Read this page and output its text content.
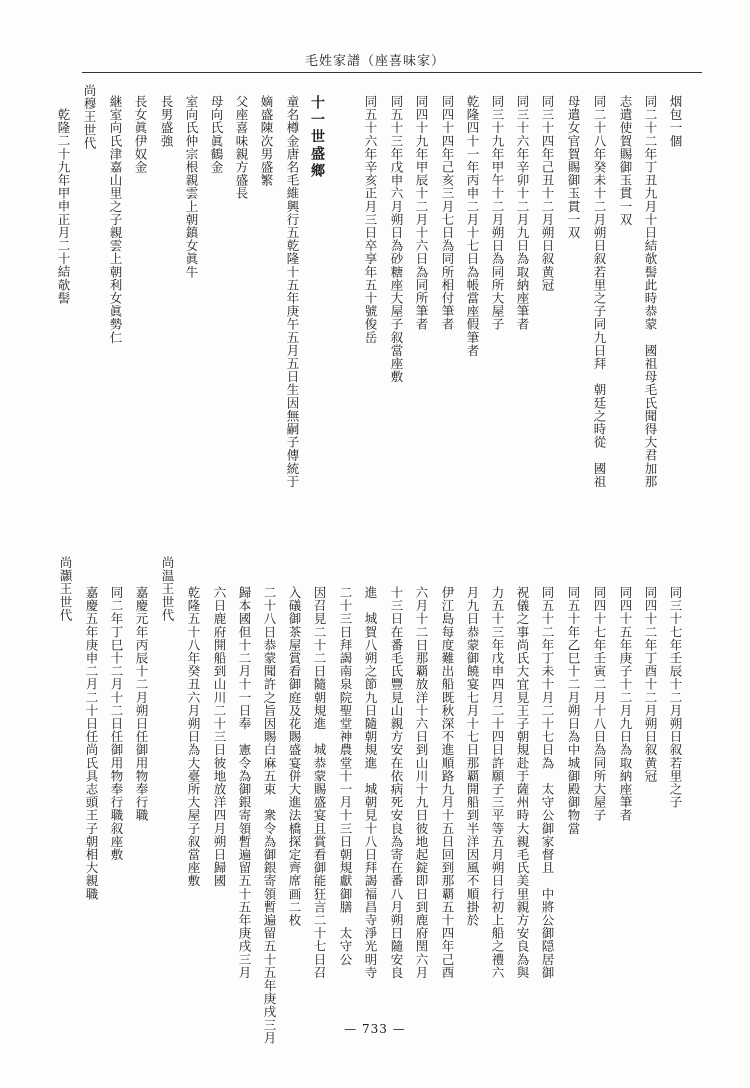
毛姓家譜（座喜味家）
烟包一個
同二十二年丁丑九月十日結欹髻此時恭蒙　國祖母毛氏聞得大君加那
志遣使賀賜御玉貫一双
同二十八年癸未十二月朔日叙若里之子同九日拜　朝廷之時從　國祖
母遣女官賀賜御玉貫一双
同三十四年己丑十二月朔日叙黄冠
同三十六年辛卯十二月九日為取納座筆者
同三十九年甲午十二月朔日為同所大屋子
乾隆四十一年丙申二月十七日為帳當座假筆者
同四十四年己亥三月七日為同所相付筆者
同四十九年甲辰十二月十六日為同所筆者
同五十三年戊申六月朔日為砂糖座大屋子叙當座敷
同五十六年辛亥正月三日卒享年五十號俊岳
十一世盛鄉
童名樽金唐名毛維興行五乾隆十五年庚午五月五日生因無嗣子傳統于
嫡盛陳次男盛繁
父座喜味親方盛長
母向氏眞鶴金
室向氏仲宗根親雲上朝鎮女眞牛
長男盛強
長女眞伊奴金
継室向氏津嘉山里之子親雲上朝利女眞勢仁
尚穆王世代
乾隆二十九年甲申正月二十結欹髻
同三十七年壬辰十二月朔日叙若里之子
同四十二年丁酉十二月朔日叙黄冠
同四十五年庚子十二月九日為取納座筆者
同四十七年壬寅二月十八日為同所大屋子
同五十年乙巳十二月朔日為中城御殿御物當
同五十二年丁未十月二十七日為　太守公御家督且　中將公御隠居御
祝儀之事尚氏大宜見王子朝規赴于薩州時大親毛氏美里親方安良為與
力五十三年戊申四月二十四日許願子三平等五月朔日行初上船之禮六
月九日恭蒙御饒宴七月十七日那覇開船到半洋因風不順掛於
伊江島每度難出船既秋深不進順路九月十五日回到那覇五十四年己酉
六月十二日那覇放洋十六日到山川十九日彼地起錠即日到鹿府閏六月
十三日在番毛氏豐見山親方安在依病死安良為寄在番八月朔日隨安良
進　城賀八朔之節九日隨朝規進　城朝見十八日拜謁福昌寺淨光明寺
二十三日拜謁南泉院聖堂神農堂十一月十三日朝規獻御膳　太守公
因召見二十二日隨朝規進　城恭蒙賜盛宴且賞看御能狂言二十七日召
入礒御茶屋賞看御庭及花賜盛宴併大進法橋探定齊席画二枚
二十八日恭蒙聞許之旨因賜白麻五束　衆令為御銀寄領暫遍留五十五年庚戌三月
歸本國但十二月十一日奉　憲令為御銀寄領暫遍留五十五年庚戌三月
六日鹿府開船到山川二十三日彼地放洋四月朔日歸國
乾隆五十八年癸丑六月朔日為大臺所大屋子叙當座敷
尚温王世代
嘉慶元年丙辰十二月朔日任御用物奉行職
同二年丁巳十二月十二日任御用物奉行職叙座敷
嘉慶五年庚申二月二十日任尚氏具志頭王子朝相大親職
尚灝王世代
— 733 —
